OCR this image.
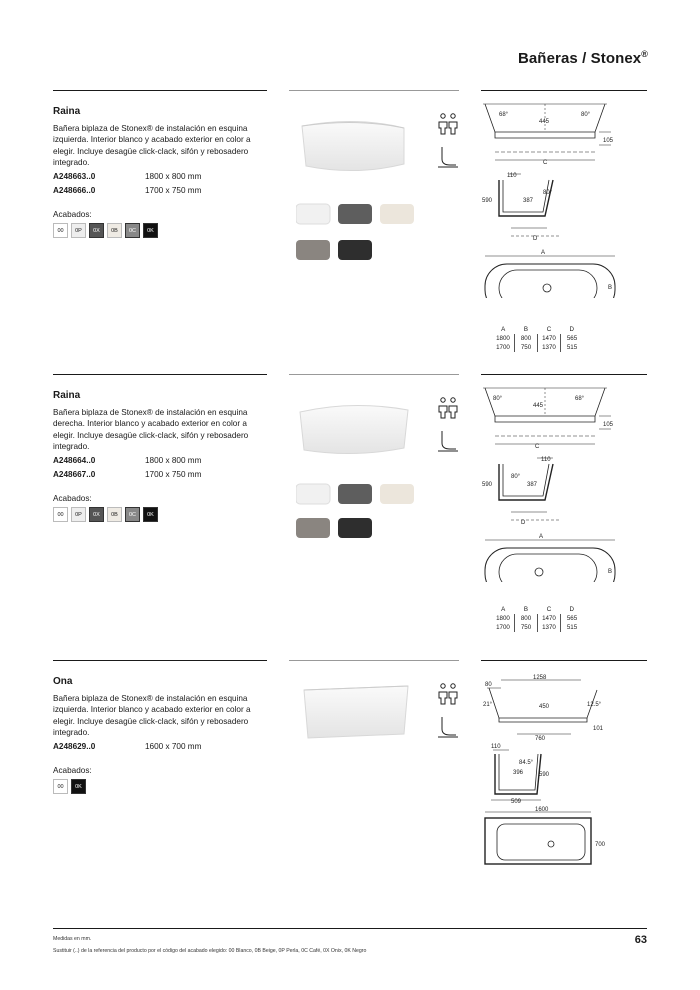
Bañeras / Stonex®
Raina

Bañera biplaza de Stonex® de instalación en esquina

izquierda. Interior blanco y acabado exterior en color a

elegir. Incluye desagüe click-clack, sifón y rebosadero

integrado.

A248663..0	1800 x 800 mm
A248666..0	1700 x 750 mm
Acabados:
00	0P	0X	0B	0C	0K
68°	80°
445
105
C
110
590	387
80°
D
A
B
A	B	C	D
1800	800	1470	565
1700	750	1370	515
Raina

Bañera biplaza de Stonex® de instalación en esquina

derecha. Interior blanco y acabado exterior en color a

elegir. Incluye desagüe click-clack, sifón y rebosadero

integrado.

A248664..0	1800 x 800 mm
A248667..0	1700 x 750 mm
Acabados:
00	0P	0X	0B	0C	0K
80°	68°
445
105
C
110
590	387
80°
D
A
B
A	B	C	D
1800	800	1470	565
1700	750	1370	515
Ona

Bañera biplaza de Stonex® de instalación en esquina

izquierda. Interior blanco y acabado exterior en color a

elegir. Incluye desagüe click-clack, sifón y rebosadero

integrado.

A248629..0	1600 x 700 mm
Acabados:
00	0K
1258
80
21°	450	12.5°
101
760
110
84.5°
396	590
509
1600
700
Medidas en mm.
Sustituir (..) de la referencia del producto por el código del acabado elegido: 00 Blanco, 0B Beige, 0P Perla, 0C Café, 0X Onix, 0K Negro
63
